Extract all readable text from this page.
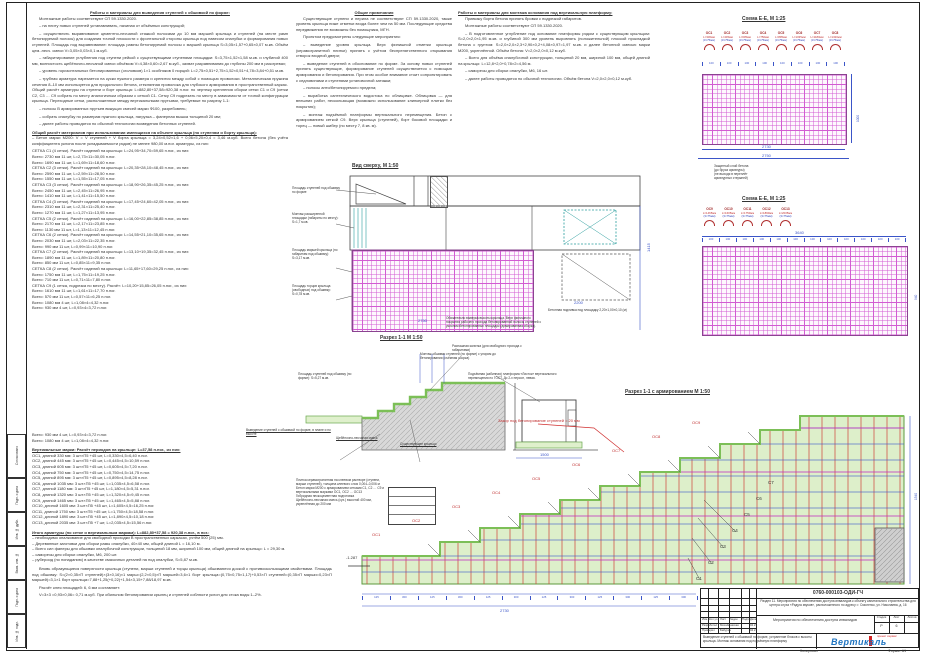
Согласовано
Подп. и дата
Инв. № дубл.
Взам. инв. №
Подп. и дата
Инв. № подл.
Работы и материалы для выведения ступеней с обшивкой по форме:
Монтажные работы соответствуют СП 59.1330.2020.
– на плиту новых ступеней устанавливать, начиная от объёмных конструкций;
– осуществлять выравнивание цементно-песчаной стяжкой полосами до 10 мм маршей крыльца и ступеней (на месте рамп бетонируемой полосы) для создания точной плоскости с фронтальной стороны крыльца под навесом опалубки и формирования новых ступеней. Площадь под выравнивание: площадь рампы бетонируемой полосы с маршей крыльца S=3,05×1,57+0,65×0,07 м.кв. Объём цем.-песч. смеси V=3,05×0,03×0,1 м.куб.
– габаритирование углубления под ступени рейкой с существующими ступенями площадки: S=3,75×1,52×1,58 м.кв. и глубиной 400 мм, волнистость щебёночно-песчаной смеси объёмом V=4,38×0,60=2,67 м.куб., захват разравнивания до глубины 200 мм в разогревах;
– уровень горизонтальных бетонированных (оголовков) 1×1 особняков 0 порций: L=2,75×0,51+2,75×1,52×0,51+4,78=3,84+0,51 м.кв.
– трубная арматура нарезается на куски нужного размера и крепится между собой с помощью проволоки. Металлическая пружина сечения 8–10 мм используется для продольного бетона, стеклянная проволока для глубокого армирования в пространственный каркас. Общий расчёт арматуры на ступени и борт крыльца: L=882,80+37,58=920,38 п.пог. по чертежу крепления сборки сетки С1 и С9 (сетки С2, С3 … С9 собрать по месту аналогичным образом с сеткой С1. Сетку С9 подрезать по месту в зависимости от точной конфигурации крыльца. Переходные сетки, расположенные между вертикальными прутьями, требуемые по разрезу 1-1:
– полосы В армированных прутьев вяжущих смесей марки Ф100, разребовень;
– собрать опалубку по размерам нужного крыльца, нагрузка – фанерная вышка толщиной 20 мм;
– далее работы проводятся по обычной технологии возведения бетонных ступеней.
Общий расчёт материалов при использовании имеющихся на объекте крыльца (по ступеням и борту крыльца):
– Бетон марки М200: V = V ступеней + V борта крыльца = 3,24×0,52×1,6 + 0,06×5,20×0,4 = 3,46 м.куб. Всего бетона (без учёта коэффициента уклона после укладываемости рядов) не менее 980,00 м.пог. арматуры, из них:
СЕТКА С1 (4 сетки). Расчёт изделий на крыльцо: L=24,95+34,70=59,65 п.пог., из них:
Всего: 2730 мм 11 шт, L=2,73×11=30,05 п.пог.
Всего: 1690 мм 11 шт, L=1,69×11=18,60 п.пог.
СЕТКА С2 (3 сетки). Расчёт изделий на крыльцо: L=20,35+28,10=48,45 п.пог., из них:
Всего: 2590 мм 11 шт, L=2,59×11=28,50 п.пог.
Всего: 1550 мм 11 шт, L=1,55×11=17,05 п.пог.
СЕТКА С3 (3 сетки). Расчёт изделий на крыльцо: L=18,90+26,35=45,25 п.пог., из них:
Всего: 2450 мм 11 шт, L=2,45×11=26,95 п.пог.
Всего: 1410 мм 11 шт, L=1,41×11=15,50 п.пог.
СЕТКА С4 (3 сетки). Расчёт изделий на крыльцо: L=17,45+24,60=42,05 п.пог., из них:
Всего: 2310 мм 11 шт, L=2,31×11=25,40 п.пог.
Всего: 1270 мм 11 шт, L=1,27×11=13,95 п.пог.
СЕТКА С5 (2 сетки). Расчёт изделий на крыльцо: L=16,00+22,85=38,85 п.пог., из них:
Всего: 2170 мм 11 шт, L=2,17×11=23,85 п.пог.
Всего: 1130 мм 11 шт, L=1,13×11=12,45 п.пог.
СЕТКА С6 (2 сетки). Расчёт изделий на крыльцо: L=14,55+21,10=35,65 п.пог., из них:
Всего: 2030 мм 11 шт, L=2,03×11=22,35 п.пог.
Всего: 990 мм 11 шт, L=0,99×11=10,90 п.пог.
СЕТКА С7 (2 сетки). Расчёт изделий на крыльцо: L=13,10+19,35=32,45 п.пог., из них:
Всего: 1890 мм 11 шт, L=1,89×11=20,80 п.пог.
Всего: 850 мм 11 шт, L=0,85×11=9,35 п.пог.
СЕТКА С8 (2 сетки). Расчёт изделий на крыльцо: L=11,65+17,60=29,25 п.пог., из них:
Всего: 1750 мм 11 шт, L=1,75×11=19,25 п.пог.
Всего: 710 мм 11 шт, L=0,71×11=7,80 п.пог.
СЕТКА С9 (1 сетка, подрезка по месту). Расчёт: L=10,20+15,85=26,05 п.пог., из них:
Всего: 1610 мм 11 шт, L=1,61×11=17,70 п.пог.
Всего: 570 мм 11 шт, L=0,57×11=6,25 п.пог.
Всего: 1080 мм 4 шт, L=1,08×4=4,32 п.пог.
Всего: 930 мм 4 шт, L=0,93×4=3,72 п.пог.
Общие примечания
Существующие ступени и перила не соответствуют СП 59.1330.2020, также уровень крыльца ниже отметки входа более чем на 50 мм. Последующие средства передвижения не возможны без помощника, МГН.
Проектом предусмотрены следующие мероприятия:
– выведение уровня крыльца. Верх финишной отметки крыльца (керамогранитной плитки) принять с учётом беспрепятственного открывания створок входной двери;
– выведение ступеней в обоснование по форме. За основу новых ступеней принять существующие, формирование ступеней осуществляется с помощью армирования и бетонирования. При этом особое внимание стоит сопроектировать с седловинами и ступенями установочной затяжки;
– полосы анти/бетонируемого предела;
– выработка сантехнического водостока по облицовке. Облицовка — для внешних работ, нескользящая (возможно использование клинкерной плитки без покрытия);
– монтаж подъёмной платформы вертикального перемещения. Бетон с армированием сеткой С9. Верх крыльца (ступеней), борт боковой площадки и торец — новый шибер (по месту 7, 8 кв. м).
Работы и материалы для монтажа основания под вертикальную платформу:
Привязку борта бетона принять бровки с подрезкой габаритов.
Монтажные работы соответствуют СП 59.1330.2020.
– В подготовленное углубление под основание платформы рядом с существующим крыльцом: S=2,0×2,0×1,95 м.кв. и глубиной 300 мм уровень выровнять (положительной) плоской прокладкой бетона с грунтом: S=2,0×2,0×2,3+2,90×0,2+4,08×0,97=1,97 м.кв. и далее бетонной смесью марки М200, укреплённой. Объём бетона: V=2,0×2,0×0,12 м.куб.
– Всего для объёма опалубочной конструкции, толщиной 20 мм, шириной 100 мм, общей длиной на крыльцо: L=12,8+2,0+0,78×2=4,56 м.
– саморезы для сборки опалубки, М6, 16 шт.
– далее работы проводятся по обычной технологии. Объём бетона V=2,0×2,0×0,12 м.куб.
Вид сверху, М 1:50
Площадь ступеней под обшивку по форме
Монтаж расширенной площадки (габариты по месту): S=1,7 м.кв.
Площадь маршей крыльца (по габаритам под обшивку): S=3,17 м.кв.
Площадь торцов крыльца (свободных) под обшивку: S=0,78 м.кв.
Обязательно выверка высоты крыльца. Верх финишного покрытия рабочего прохода бетонированной полосы ступеней с уклоном бетонированных площадок (армированная сборка).
Распашная калитка (для свободного прохода с габаритами)
Бетонная подливка под площадку 2,20×1,00×0,10 (м)
2750
1415
2200
Разрез 1-1 М 1:50
Площадь ступеней под обшивку (по форме): S=5,27 м.кв.
Монтаж обшивки ступеней (по форме) с упором до бетонирования (съёмная сборка)
Подъёмная (кабинная) платформа «Листок» вертикального перемещения по ГОСТ. До 2-х персон, левая.
Выведение ступеней с обшивкой по форме, в плане и по высоте
Щебёночно-песчаная смесь
Существующее крыльцо
1500
Схема Е-Е, М 1:25
ОС1
L=330мм
(3×75мм)
ОС2
L=445мм
(3×75мм)
ОС3
L=605мм
(3×75мм)
ОС4
L=750мм
(3×75мм)
ОС5
L=895мм
(3×75мм)
ОС6
L=1035мм
(3×75мм)
ОС7
L=1180мм
(3×75мм)
ОС8
L=1320мм
(3×75мм)
100	100	100	100	100	100	100	100
1000
2730
2750
Защитный слой бетона
(до бруса арматуры)
(не выходя в переплёт
арматурных стержней)
Схема Е-Е, М 1:25
ОС9
L=1465мм
(3×75мм)
ОС10
L=1605мм
(3×75мм)
ОС11
L=1750мм
(3×75мм)
ОС12
L=1890мм
(3×75мм)
ОС13
L=2035мм
(3×75мм)
3640
100	100	100	100	100	100	100	100	100	100	100	100
940
Разрез 1-1 с армированием М 1:50
Зазор под бетонирование ступеней = 20 мм
ОС1
ОС2
ОС3
ОС4
ОС5
ОС6
ОС7
ОС8
ОС9
С1
С2
С3
С4
С5
С6
С7
-1.287
125	300	125	300	125	300	125	300	125	300	125	300
2730
1540
Плитка керамогранитная на клеевом растворе (ступени, марши ступеней), толщина клеевого слоя 0,004–0,006 м
Бетон марки М200 с армированием сетками С1, С2 … С9 и вертикальными марками ОС1, ОС2 … ОС13
Гибридная пескоцементная подготовка
Щебёночно-песчаная смесь (сух.) высотой 400 мм, укреплённая до 200 мм
Всего: 930 мм 4 шт, L=0,93×4=3,72 п.пог.
Всего: 1080 мм 4 шт, L=1,08×4=4,32 п.пог.
Вертикальные марки: Расчёт периодов на крыльце: L=37,58 п.пог., из них:
ОС1, длиной 330 мм: 3 шт×П5 +45 шт, L=0,330×4,5=6,40 п.пог.
ОС2, длиной 445 мм: 3 шт×П5 +45 шт, L=0,445×4,5=10,59 п.пог.
ОС3, длиной 605 мм: 3 шт×П5 +45 шт, L=0,605×4,5=7,20 п.пог.
ОС4, длиной 750 мм: 3 шт×П5 +45 шт, L=0,750×4,5=14,75 п.пог.
ОС5, длиной 895 мм: 3 шт×П5 +45 шт, L=0,895×4,5=8,28 п.пог.
ОС6, длиной 1035 мм: 3 шт×П5 +45 шт, L=1,035×4,5=6,58 п.пог.
ОС7, длиной 1180 мм: 3 шт×П5 +45 шт, L=1,180×4,5=5,31 п.пог.
ОС8, длиной 1320 мм: 3 шт×П5 +45 шт, L=1,320×4,5=9,45 п.пог.
ОС9, длиной 1465 мм: 3 шт×П5 +45 шт, L=1,465×4,5=5,88 п.пог.
ОС10, длиной 1605 мм: 3 шт×П5 +45 шт, L=1,605×4,5=16,25 п.пог.
ОС11, длиной 1750 мм: 3 шт×П5 +45 шт, L=1,750×4,5=18,58 п.пог.
ОС12, длиной 1890 мм: 3 шт×П5 +45 шт, L=1,890×4,5=10,18 п.пог.
ОС13, длиной 2035 мм: 3 шт×П5 +7 шт, L=2,035×4,5=15,56 п.пог.
Итого арматуры (по сетке и вертикальным маркам): L=882,80+37,58 = 920,38 п.пог., в пог.:
– необходимо опалкование для свободной проходки В пространственных каркасах, учтём 500 (25) мм.
– Деревянные заготовки для сборки рамы опалубки, 40×40 мм, общей длиной L = 16,10 м.
– Всего сил фанеры для обшивки опалубочной конструкции, толщиной 18 мм, шириной 100 мм, общей длиной на крыльцо: L = 29,30 м.
– саморезы для сборки опалубки, М6, 200 шт.
– рубероид (по попаданию) в качестве смазочных деталей на под опалубки, S=5,87 м.кв.
Вновь образующиеся поверхности крыльца (ступени, марши ступеней и торцы крыльца) обшиваются доской с противоскользящими свойствами. Площадь под обшивку: S=(2×0,35×П ступеней)×(3×0,16)×1 марш=(2,2×0,5)×П маршей=3,6×1 борт крыльца=(0,75×0,75×1,17)+0,53×П ступеней=(0,35×П марши=0,23×П маршей)=3,1×1 борт крыльца=7,88+1,25(+0,22)+1,54×3,15+7,88/18,97 м.кв.
Расчёт клея площадей: 6, 6 мм составляет:
V=3×3 =0,93×0,06= 0,71 м.куб. При обильном бетонировании крылец и ступеней соблюсти уклон для стока воды 1–2%.	0760-000103-ОДИ-ГЧ
Раздел 11. Мероприятия по обеспечению доступа инвалидов к объекту капитального строительства для центра слуха «Радуга звуков», расположенного по адресу: г. Смоленск, ул. Николаева, д. 16
Мероприятия по обеспечению доступа инвалидов
Стадия	Лист	Листов
Р	6
Изм. Кол.уч. Лист №док. Подп. Дата
Разработал Михайловская	04.21
Проверил Бабурин	04.21
Выведение ступеней с обшивкой по форме, устранение блоков с высоты крыльца. Монтаж основания под подъёмную платформу
проект сервис
Вертикаль
Копировал	Формат А1
